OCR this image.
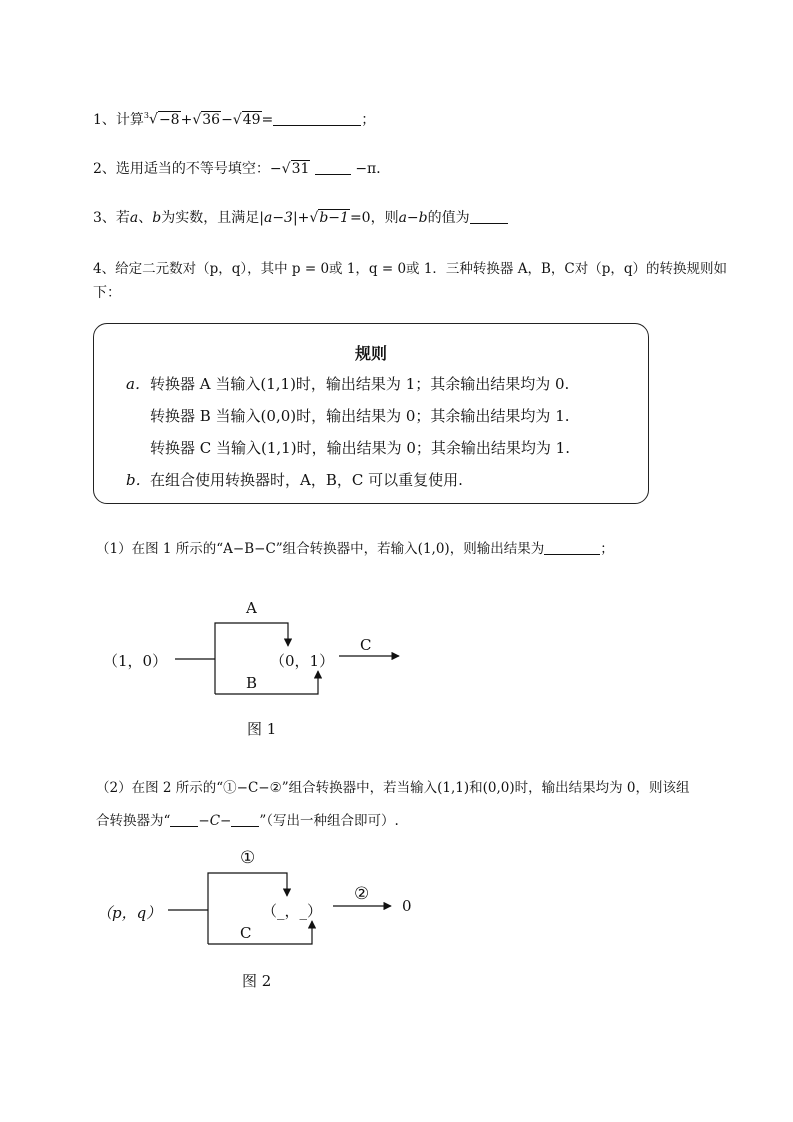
1、计算$^3$√−8+√36−√49=	；
2、选用适当的不等号填空：−√31	−π．
3、若a、b为实数，且满足|a−3|+√b−1=0，则a−b的值为
4、给定二元数对（p，q），其中 p = 0或 1，q = 0或 1．三种转换器 A，B，C对（p，q）的转换规则如
下：
规则
a． 转换器 A 当输入(1,1)时，输出结果为 1；其余输出结果均为 0.
转换器 B 当输入(0,0)时，输出结果为 0；其余输出结果均为 1.
转换器 C 当输入(1,1)时，输出结果为 0；其余输出结果均为 1.
b． 在组合使用转换器时，A，B，C 可以重复使用.
（1）在图 1 所示的“A−B−C”组合转换器中，若输入(1,0)，则输出结果为	；
（1，0）
A
B
（0，1）
C
图 1
（2）在图 2 所示的“①−C−②”组合转换器中，若当输入(1,1)和(0,0)时，输出结果均为 0，则该组
合转换器为“ −C− ”（写出一种组合即可）.
（p，q）
①
C
（_，_）
②
0
图 2
